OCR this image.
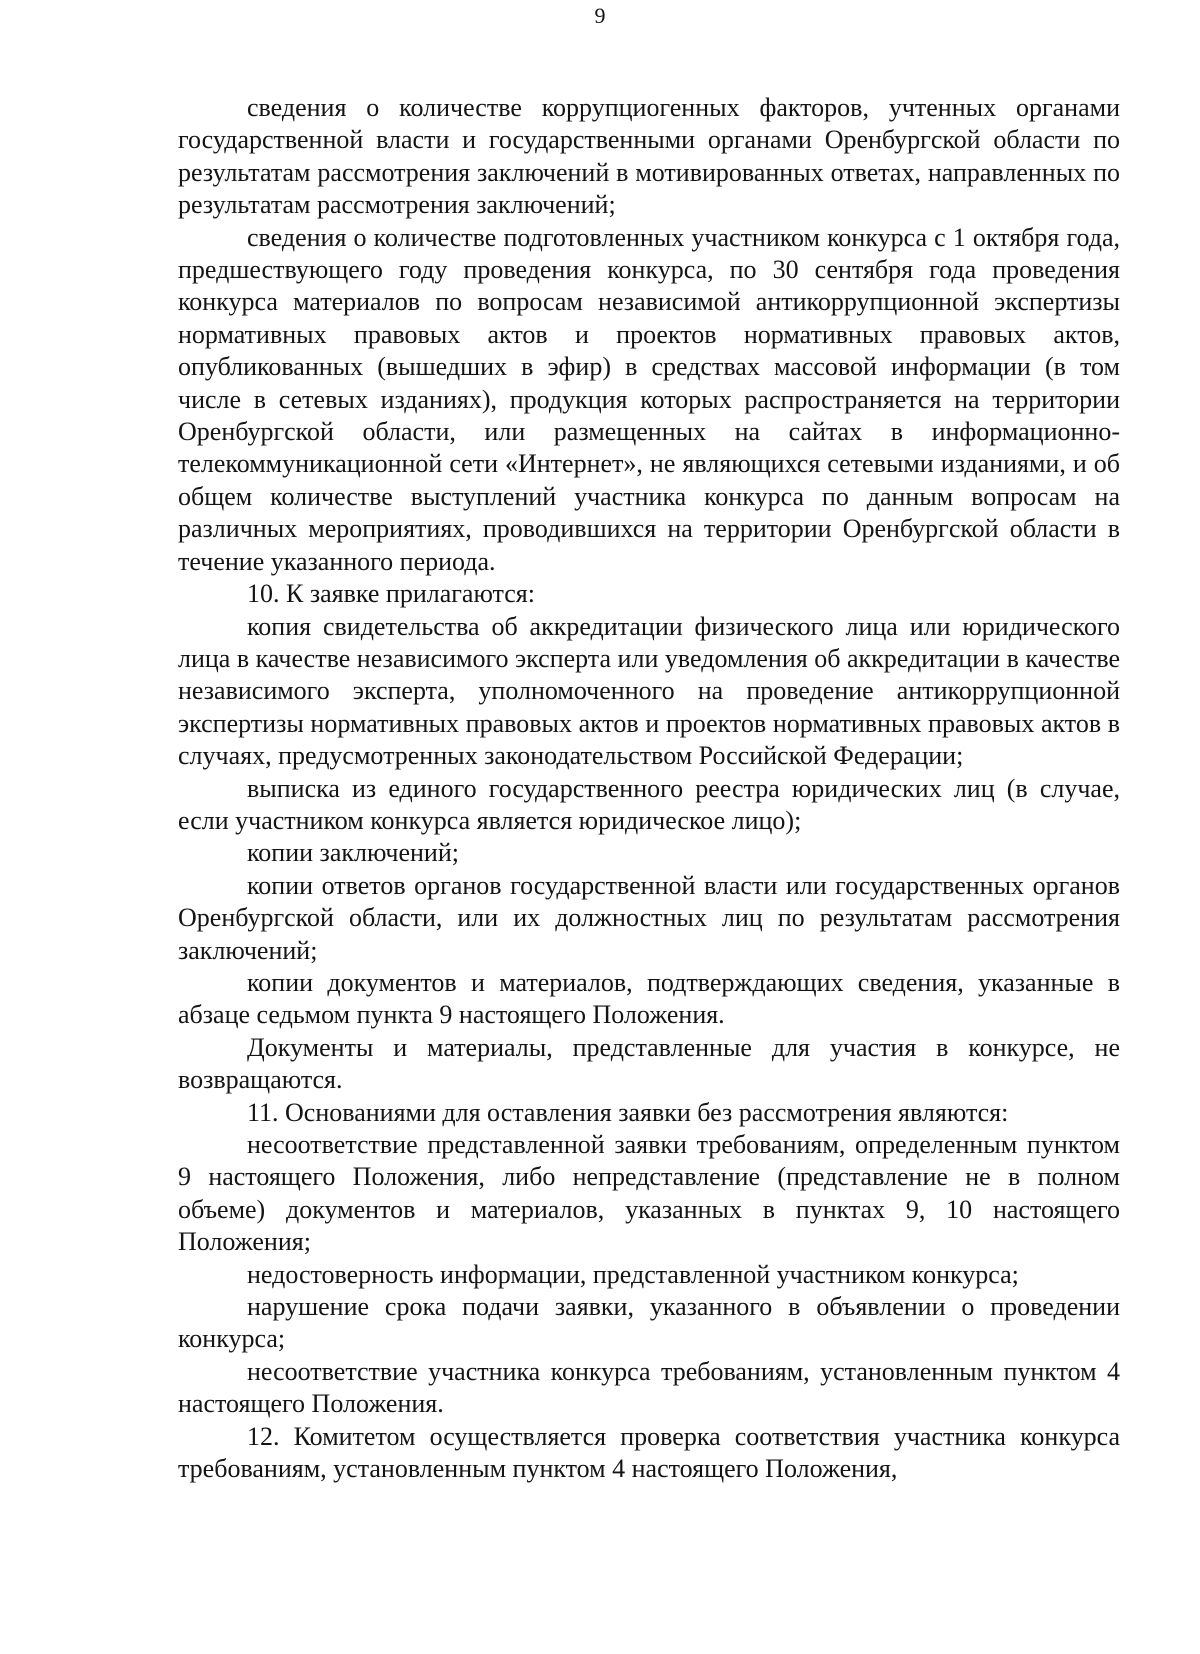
9

сведения о количестве коррупциогенных факторов, учтенных органами государственной власти и государственными органами Оренбургской области по результатам рассмотрения заключений в мотивированных ответах, направленных по результатам рассмотрения заключений;

сведения о количестве подготовленных участником конкурса с 1 октября года, предшествующего году проведения конкурса, по 30 сентября года проведения конкурса материалов по вопросам независимой антикоррупционной экспертизы нормативных правовых актов и проектов нормативных правовых актов, опубликованных (вышедших в эфир) в средствах массовой информации (в том числе в сетевых изданиях), продукция которых распространяется на территории Оренбургской области, или размещенных на сайтах в информационно-телекоммуникационной сети «Интернет», не являющихся сетевыми изданиями, и об общем количестве выступлений участника конкурса по данным вопросам на различных мероприятиях, проводившихся на территории Оренбургской области в течение указанного периода.

10. К заявке прилагаются:

копия свидетельства об аккредитации физического лица или юридического лица в качестве независимого эксперта или уведомления об аккредитации в качестве независимого эксперта, уполномоченного на проведение антикоррупционной экспертизы нормативных правовых актов и проектов нормативных правовых актов в случаях, предусмотренных законодательством Российской Федерации;

выписка из единого государственного реестра юридических лиц (в случае, если участником конкурса является юридическое лицо);

копии заключений;

копии ответов органов государственной власти или государственных органов Оренбургской области, или их должностных лиц по результатам рассмотрения заключений;

копии документов и материалов, подтверждающих сведения, указанные в абзаце седьмом пункта 9 настоящего Положения.

Документы и материалы, представленные для участия в конкурсе, не возвращаются.

11. Основаниями для оставления заявки без рассмотрения являются:

несоответствие представленной заявки требованиям, определенным пунктом 9 настоящего Положения, либо непредставление (представление не в полном объеме) документов и материалов, указанных в пунктах 9, 10 настоящего Положения;

недостоверность информации, представленной участником конкурса;

нарушение срока подачи заявки, указанного в объявлении о проведении конкурса;

несоответствие участника конкурса требованиям, установленным пунктом 4 настоящего Положения.

12. Комитетом осуществляется проверка соответствия участника конкурса требованиям, установленным пунктом 4 настоящего Положения,
